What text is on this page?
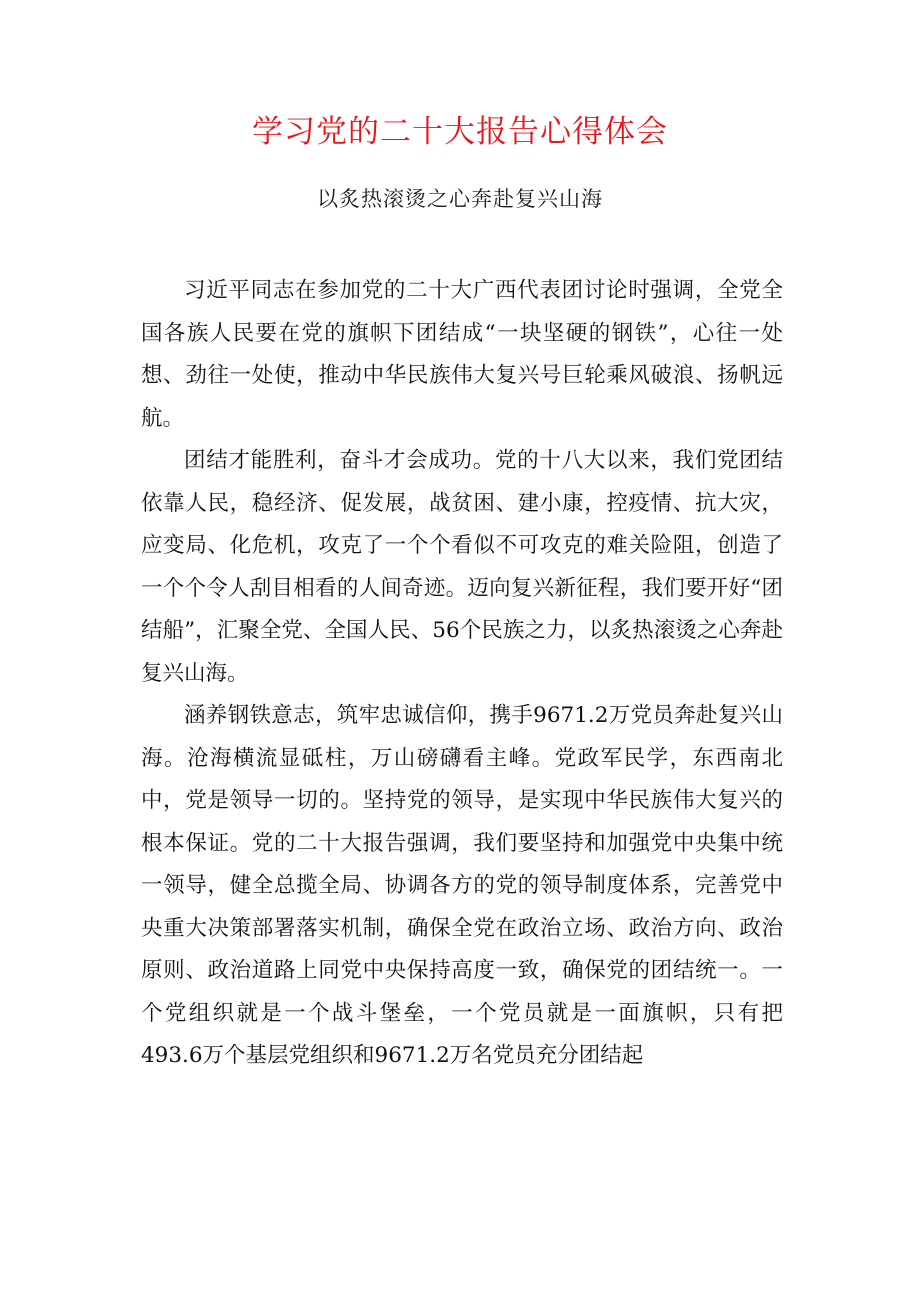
学习党的二十大报告心得体会
以炙热滚烫之心奔赴复兴山海

习近平同志在参加党的二十大广西代表团讨论时强调，全党全国各族人民要在党的旗帜下团结成“一块坚硬的钢铁”，心往一处想、劲往一处使，推动中华民族伟大复兴号巨轮乘风破浪、扬帆远航。

团结才能胜利，奋斗才会成功。党的十八大以来，我们党团结依靠人民，稳经济、促发展，战贫困、建小康，控疫情、抗大灾，应变局、化危机，攻克了一个个看似不可攻克的难关险阻，创造了一个个令人刮目相看的人间奇迹。迈向复兴新征程，我们要开好“团结船”，汇聚全党、全国人民、56个民族之力，以炙热滚烫之心奔赴复兴山海。

涵养钢铁意志，筑牢忠诚信仰，携手9671.2万党员奔赴复兴山海。沧海横流显砥柱，万山磅礴看主峰。党政军民学，东西南北中，党是领导一切的。坚持党的领导，是实现中华民族伟大复兴的根本保证。党的二十大报告强调，我们要坚持和加强党中央集中统一领导，健全总揽全局、协调各方的党的领导制度体系，完善党中央重大决策部署落实机制，确保全党在政治立场、政治方向、政治原则、政治道路上同党中央保持高度一致，确保党的团结统一。一个党组织就是一个战斗堡垒，一个党员就是一面旗帜，只有把493.6万个基层党组织和9671.2万名党员充分团结起
